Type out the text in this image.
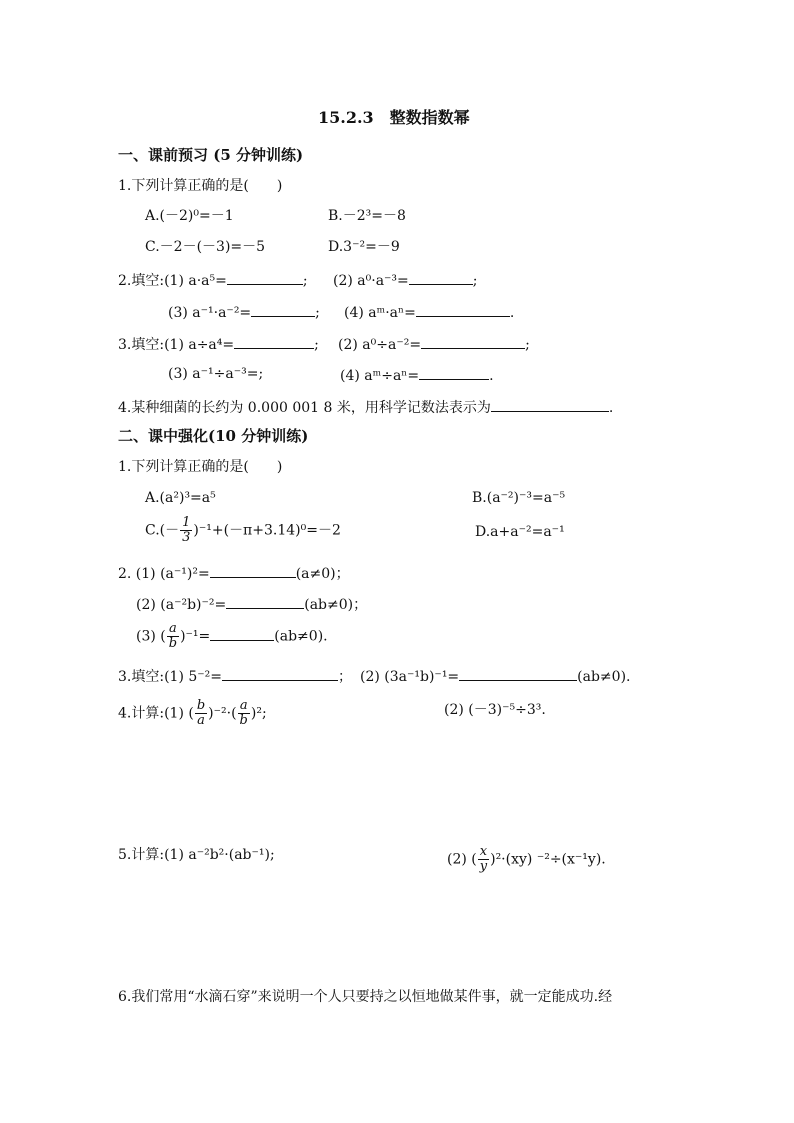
15.2.3　整数指数幂
一、课前预习 (5 分钟训练)
1.下列计算正确的是(　　)
A.(－2)⁰=－1	B.－2³=－8
C.－2－(－3)=－5	D.3⁻²=－9
2.填空:(1) a·a⁵=	; (2) a⁰·a⁻³=	;
(3) a⁻¹·a⁻²=	; (4) aᵐ·aⁿ=	.
3.填空:(1) a÷a⁴=	; (2) a⁰÷a⁻²=	;
(3) a⁻¹÷a⁻³=;	(4) aᵐ÷aⁿ=	.
4.某种细菌的长约为 0.000 001 8 米，用科学记数法表示为	.
二、课中强化(10 分钟训练)
1.下列计算正确的是(　　)
A.(a²)³=a⁵	B.(a⁻²)⁻³=a⁻⁵
$C.(- \frac{1}{3} )^{-1}+(-\pi+3.14)^0=-2$	D.a+a⁻²=a⁻¹
2. (1) (a⁻¹)²=	(a≠0)；
(2) (a⁻²b)⁻²=	(ab≠0)；
(3) ( $\frac{a}{b} )^{-1}=$	(ab≠0).
3.填空:(1) 5⁻²=	； (2) (3a⁻¹b)⁻¹=	(ab≠0).
4.计算:(1) ( $\frac{b}{a} )^{-2}\cdot( \frac{a}{b} )^2$;	(2) (－3)⁻⁵÷3³.
5.计算:(1) a⁻²b²·(ab⁻¹);	(2) ( $\frac{x}{y} )^2\cdot(xy)$ ⁻²÷(x⁻¹y).
6.我们常用“水滴石穿”来说明一个人只要持之以恒地做某件事，就一定能成功.经
